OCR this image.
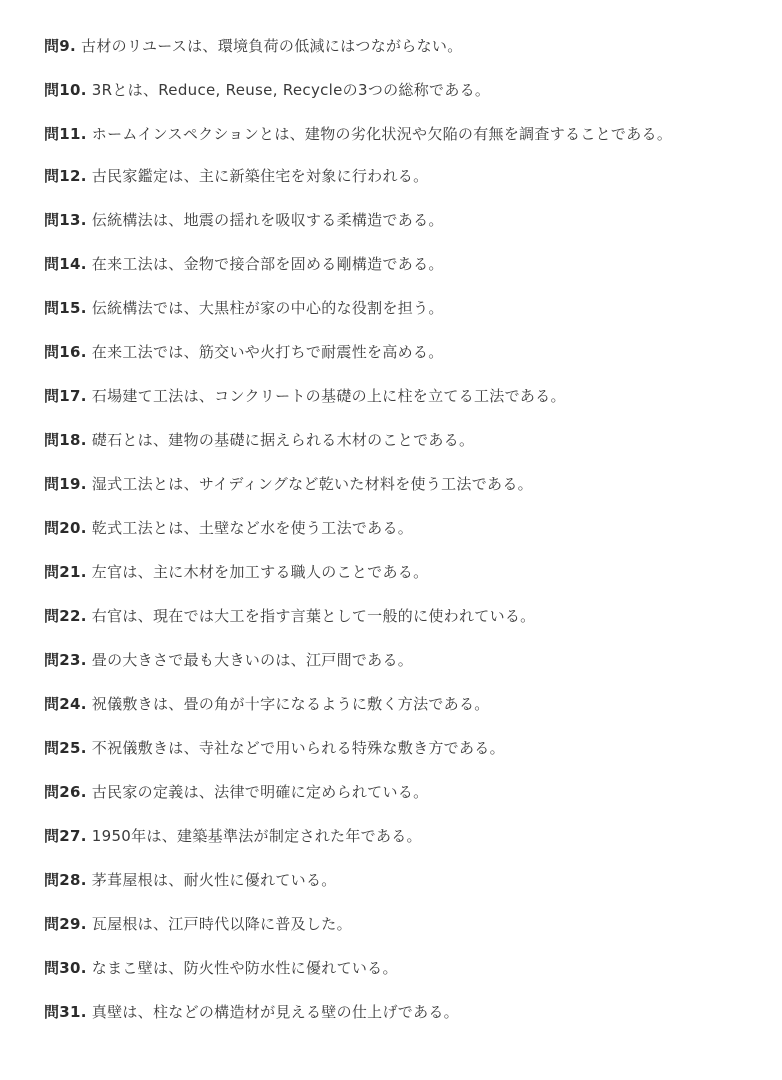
問9. 古材のリユースは、環境負荷の低減にはつながらない。
問10. 3Rとは、Reduce, Reuse, Recycleの3つの総称である。
問11. ホームインスペクションとは、建物の劣化状況や欠陥の有無を調査することである。
問12. 古民家鑑定は、主に新築住宅を対象に行われる。
問13. 伝統構法は、地震の揺れを吸収する柔構造である。
問14. 在来工法は、金物で接合部を固める剛構造である。
問15. 伝統構法では、大黒柱が家の中心的な役割を担う。
問16. 在来工法では、筋交いや火打ちで耐震性を高める。
問17. 石場建て工法は、コンクリートの基礎の上に柱を立てる工法である。
問18. 礎石とは、建物の基礎に据えられる木材のことである。
問19. 湿式工法とは、サイディングなど乾いた材料を使う工法である。
問20. 乾式工法とは、土壁など水を使う工法である。
問21. 左官は、主に木材を加工する職人のことである。
問22. 右官は、現在では大工を指す言葉として一般的に使われている。
問23. 畳の大きさで最も大きいのは、江戸間である。
問24. 祝儀敷きは、畳の角が十字になるように敷く方法である。
問25. 不祝儀敷きは、寺社などで用いられる特殊な敷き方である。
問26. 古民家の定義は、法律で明確に定められている。
問27. 1950年は、建築基準法が制定された年である。
問28. 茅葺屋根は、耐火性に優れている。
問29. 瓦屋根は、江戸時代以降に普及した。
問30. なまこ壁は、防火性や防水性に優れている。
問31. 真壁は、柱などの構造材が見える壁の仕上げである。
